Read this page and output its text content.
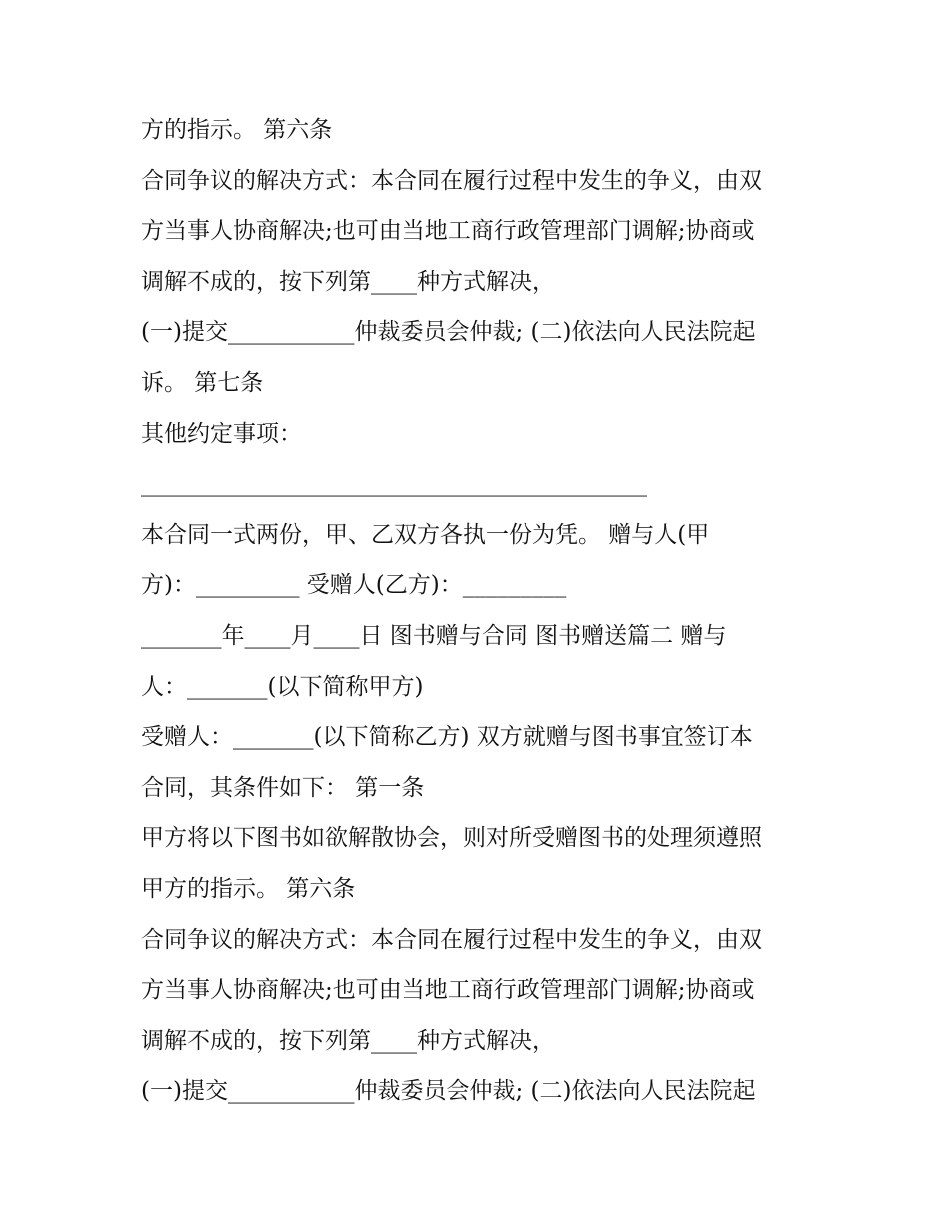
方的指示。 第六条
合同争议的解决方式：本合同在履行过程中发生的争义，由双
方当事人协商解决;也可由当地工商行政管理部门调解;协商或
调解不成的，按下列第____种方式解决，
(一)提交___________仲裁委员会仲裁; (二)依法向人民法院起
诉。 第七条
其他约定事项：
____________________________________________
本合同一式两份，甲、乙双方各执一份为凭。 赠与人(甲
方)：_________ 受赠人(乙方)：_________
_______年____月____日 图书赠与合同 图书赠送篇二 赠与
人：_______(以下简称甲方)
受赠人：_______(以下简称乙方) 双方就赠与图书事宜签订本
合同，其条件如下： 第一条
甲方将以下图书如欲解散协会，则对所受赠图书的处理须遵照
甲方的指示。 第六条
合同争议的解决方式：本合同在履行过程中发生的争义，由双
方当事人协商解决;也可由当地工商行政管理部门调解;协商或
调解不成的，按下列第____种方式解决，
(一)提交___________仲裁委员会仲裁; (二)依法向人民法院起
